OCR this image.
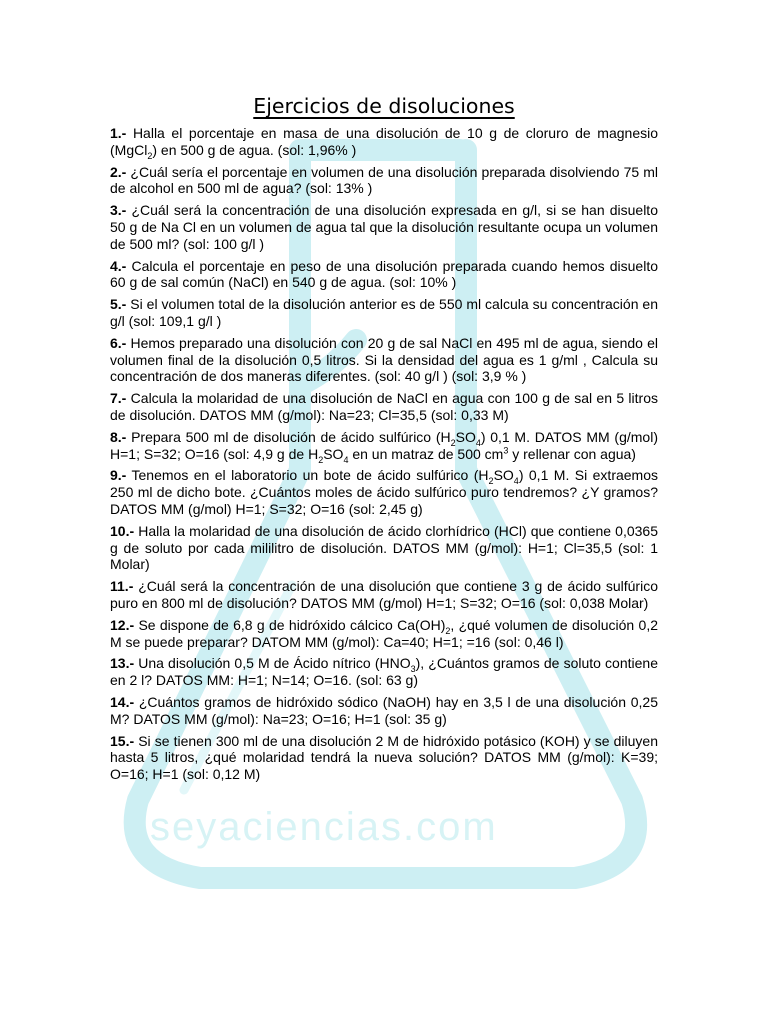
seyaciencias.com
Ejercicios de disoluciones

1.- Halla el porcentaje en masa de una disolución de 10 g de cloruro de magnesio (MgCl$_2$) en 500 g de agua. (sol: 1,96% )

2.- ¿Cuál sería el porcentaje en volumen de una disolución preparada disolviendo 75 ml de alcohol en 500 ml de agua? (sol: 13% )

3.- ¿Cuál será la concentración de una disolución expresada en g/l, si se han disuelto 50 g de Na Cl en un volumen de agua tal que la disolución resultante ocupa un volumen de 500 ml? (sol: 100 g/l )

4.- Calcula el porcentaje en peso de una disolución preparada cuando hemos disuelto 60 g de sal común (NaCl) en 540 g de agua. (sol: 10% )

5.- Si el volumen total de la disolución anterior es de 550 ml calcula su concentración en g/l (sol: 109,1 g/l )

6.- Hemos preparado una disolución con 20 g de sal NaCl en 495 ml de agua, siendo el volumen final de la disolución 0,5 litros. Si la densidad del agua es 1 g/ml , Calcula su concentración de dos maneras diferentes. (sol: 40 g/l ) (sol: 3,9 % )

7.- Calcula la molaridad de una disolución de NaCl en agua con 100 g de sal en 5 litros de disolución. DATOS MM (g/mol): Na=23; Cl=35,5 (sol: 0,33 M)

8.- Prepara 500 ml de disolución de ácido sulfúrico $(H_2SO_4)$ 0,1 M. DATOS MM (g/mol) H=1; S=32; O=16 (sol: 4,9 g de $H_2SO_4$ en un matraz de 500 $cm^3$ y rellenar con agua)

9.- Tenemos en el laboratorio un bote de ácido sulfúrico $(H_2SO_4)$ 0,1 M. Si extraemos 250 ml de dicho bote. ¿Cuántos moles de ácido sulfúrico puro tendremos? ¿Y gramos? DATOS MM (g/mol) H=1; S=32; O=16 (sol: 2,45 g)

10.- Halla la molaridad de una disolución de ácido clorhídrico (HCl) que contiene 0,0365 g de soluto por cada mililitro de disolución. DATOS MM (g/mol): H=1; Cl=35,5 (sol: 1 Molar)

11.- ¿Cuál será la concentración de una disolución que contiene 3 g de ácido sulfúrico puro en 800 ml de disolución? DATOS MM (g/mol) H=1; S=32; O=16 (sol: 0,038 Molar)

12.- Se dispone de 6,8 g de hidróxido cálcico $Ca(OH)_2$, ¿qué volumen de disolución 0,2 M se puede preparar? DATOM MM (g/mol): Ca=40; H=1; =16 (sol: 0,46 l)

13.- Una disolución 0,5 M de Ácido nítrico $(HNO_3)$, ¿Cuántos gramos de soluto contiene en 2 l? DATOS MM: H=1; N=14; O=16. (sol: 63 g)

14.- ¿Cuántos gramos de hidróxido sódico (NaOH) hay en 3,5 l de una disolución 0,25 M? DATOS MM (g/mol): Na=23; O=16; H=1 (sol: 35 g)

15.- Si se tienen 300 ml de una disolución 2 M de hidróxido potásico (KOH) y se diluyen hasta 5 litros, ¿qué molaridad tendrá la nueva solución? DATOS MM (g/mol): K=39; O=16; H=1 (sol: 0,12 M)
